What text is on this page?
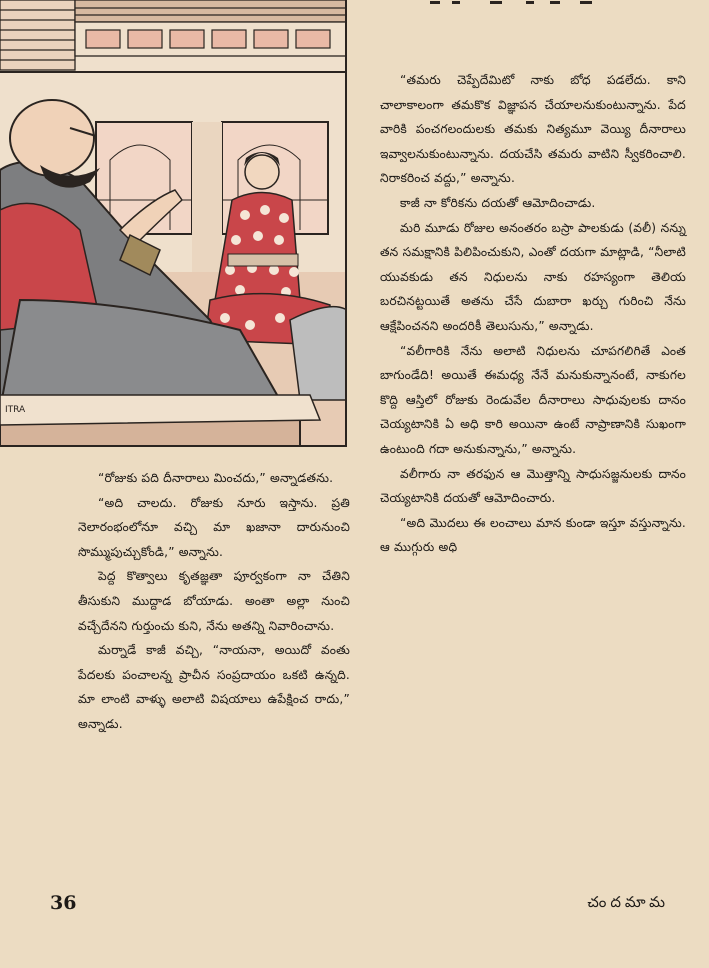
ITRA

“రోజుకు పది దీనారాలు మించదు,” అన్నాడతను.

“అది చాలదు. రోజుకు నూరు ఇస్తాను. ప్రతి నెలారంభంలోనూ వచ్చి మా ఖజానా దారునుంచి సొమ్ముపుచ్చుకోండి,” అన్నాను.

పెద్ద కొత్వాలు కృతజ్ఞతా పూర్వకంగా నా చేతిని తీసుకుని ముద్దాడ బోయాడు. అంతా అల్లా నుంచి వచ్చేదేనని గుర్తుంచు కుని, నేను అతన్ని నివారించాను.

మర్నాడే కాజీ వచ్చి, “నాయనా, అయిదో వంతు పేదలకు పంచాలన్న ప్రాచీన సంప్రదాయం ఒకటి ఉన్నది. మా లాంటి వాళ్ళు అలాటి విషయాలు ఉపేక్షించ రాదు,” అన్నాడు.

“తమరు చెప్పేదేమిటో నాకు బోధ పడలేదు. కాని చాలాకాలంగా తమకొక విజ్ఞాపన చేయాలనుకుంటున్నాను. పేద వారికి పంచగలందులకు తమకు నిత్యమూ వెయ్యి దీనారాలు ఇవ్వాలనుకుంటున్నాను. దయచేసి తమరు వాటిని స్వీకరించాలి. నిరాకరించ వద్దు,” అన్నాను.

కాజీ నా కోరికను దయతో ఆమోదించాడు.

మరి మూడు రోజుల అనంతరం బస్రా పాలకుడు (వలీ) నన్ను తన సమక్షానికి పిలిపించుకుని, ఎంతో దయగా మాట్లాడి, “నీలాటి యువకుడు తన నిధులను నాకు రహస్యంగా తెలియ బరచినట్టయితే అతను చేసే దుబారా ఖర్చు గురించి నేను ఆక్షేపించనని అందరికీ తెలుసును,” అన్నాడు.

“వలీగారికి నేను అలాటి నిధులను చూపగలిగితే ఎంత బాగుండేది! అయితే ఈమధ్య నేనే మనుకున్నానంటే, నాకుగల కొద్ది ఆస్తిలో రోజుకు రెండువేల దీనారాలు సాధువులకు దానం చెయ్యటానికి ఏ అధి కారి అయినా ఉంటే నాప్రాణానికి సుఖంగా ఉంటుంది గదా అనుకున్నాను,” అన్నాను.

వలీగారు నా తరఫున ఆ మొత్తాన్ని సాధుసజ్జనులకు దానం చెయ్యటానికి దయతో ఆమోదించారు.

“అది మొదలు ఈ లంచాలు మాన కుండా ఇస్తూ వస్తున్నాను. ఆ ముగ్గురు అధి

36	చందమామ
